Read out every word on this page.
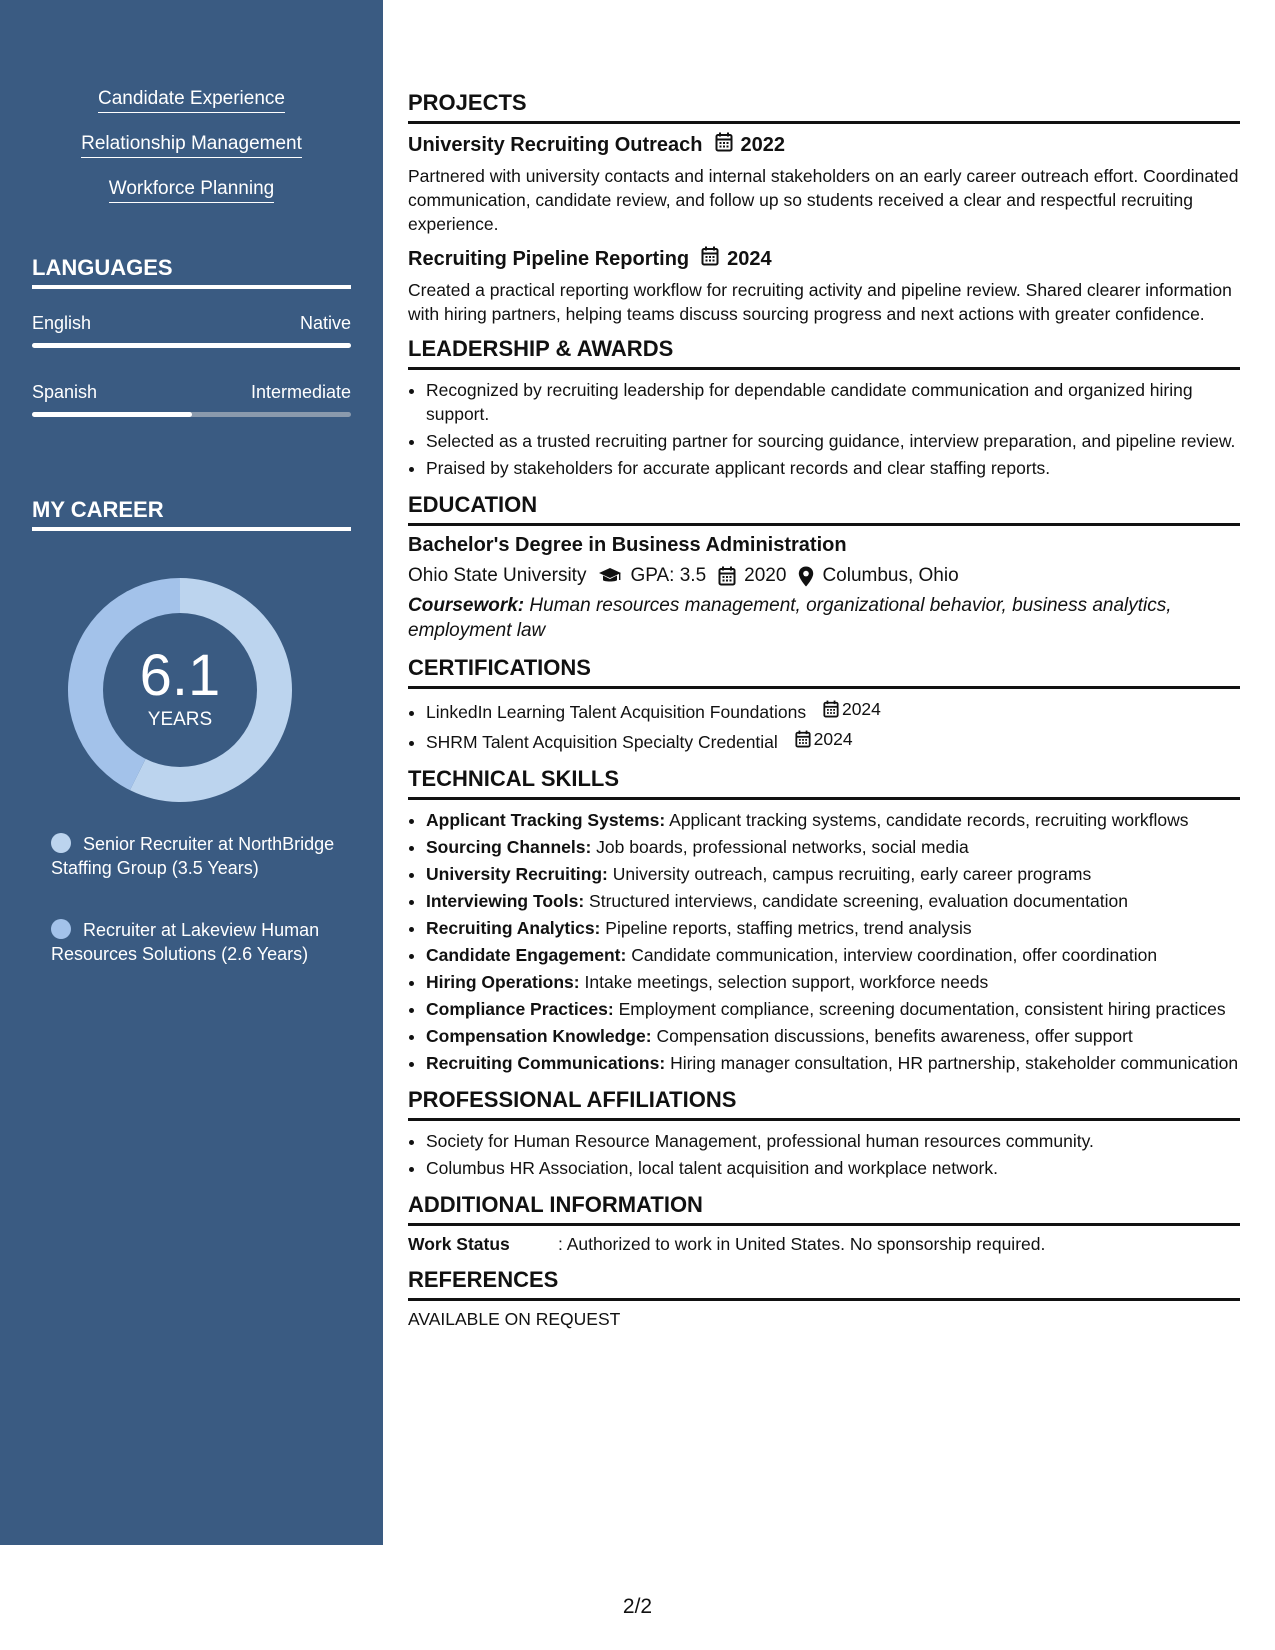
Candidate Experience
Relationship Management
Workforce Planning
LANGUAGES
English	Native
Spanish	Intermediate
MY CAREER
6.1
YEARS
Senior Recruiter at NorthBridge Staffing Group (3.5 Years)
Recruiter at Lakeview Human Resources Solutions (2.6 Years)
PROJECTS
University Recruiting Outreach 2022
Partnered with university contacts and internal stakeholders on an early career outreach effort. Coordinated communication, candidate review, and follow up so students received a clear and respectful recruiting experience.
Recruiting Pipeline Reporting 2024
Created a practical reporting workflow for recruiting activity and pipeline review. Shared clearer information with hiring partners, helping teams discuss sourcing progress and next actions with greater confidence.
LEADERSHIP & AWARDS
• Recognized by recruiting leadership for dependable candidate communication and organized hiring support.
• Selected as a trusted recruiting partner for sourcing guidance, interview preparation, and pipeline review.
• Praised by stakeholders for accurate applicant records and clear staffing reports.
EDUCATION
Bachelor's Degree in Business Administration
Ohio State University GPA: 3.5 2020 Columbus, Ohio
Coursework: Human resources management, organizational behavior, business analytics, employment law
CERTIFICATIONS
• LinkedIn Learning Talent Acquisition Foundations 2024
• SHRM Talent Acquisition Specialty Credential 2024
TECHNICAL SKILLS
• Applicant Tracking Systems: Applicant tracking systems, candidate records, recruiting workflows
• Sourcing Channels: Job boards, professional networks, social media
• University Recruiting: University outreach, campus recruiting, early career programs
• Interviewing Tools: Structured interviews, candidate screening, evaluation documentation
• Recruiting Analytics: Pipeline reports, staffing metrics, trend analysis
• Candidate Engagement: Candidate communication, interview coordination, offer coordination
• Hiring Operations: Intake meetings, selection support, workforce needs
• Compliance Practices: Employment compliance, screening documentation, consistent hiring practices
• Compensation Knowledge: Compensation discussions, benefits awareness, offer support
• Recruiting Communications: Hiring manager consultation, HR partnership, stakeholder communication
PROFESSIONAL AFFILIATIONS
• Society for Human Resource Management, professional human resources community.
• Columbus HR Association, local talent acquisition and workplace network.
ADDITIONAL INFORMATION
Work Status	: Authorized to work in United States. No sponsorship required.
REFERENCES
AVAILABLE ON REQUEST
2/2
